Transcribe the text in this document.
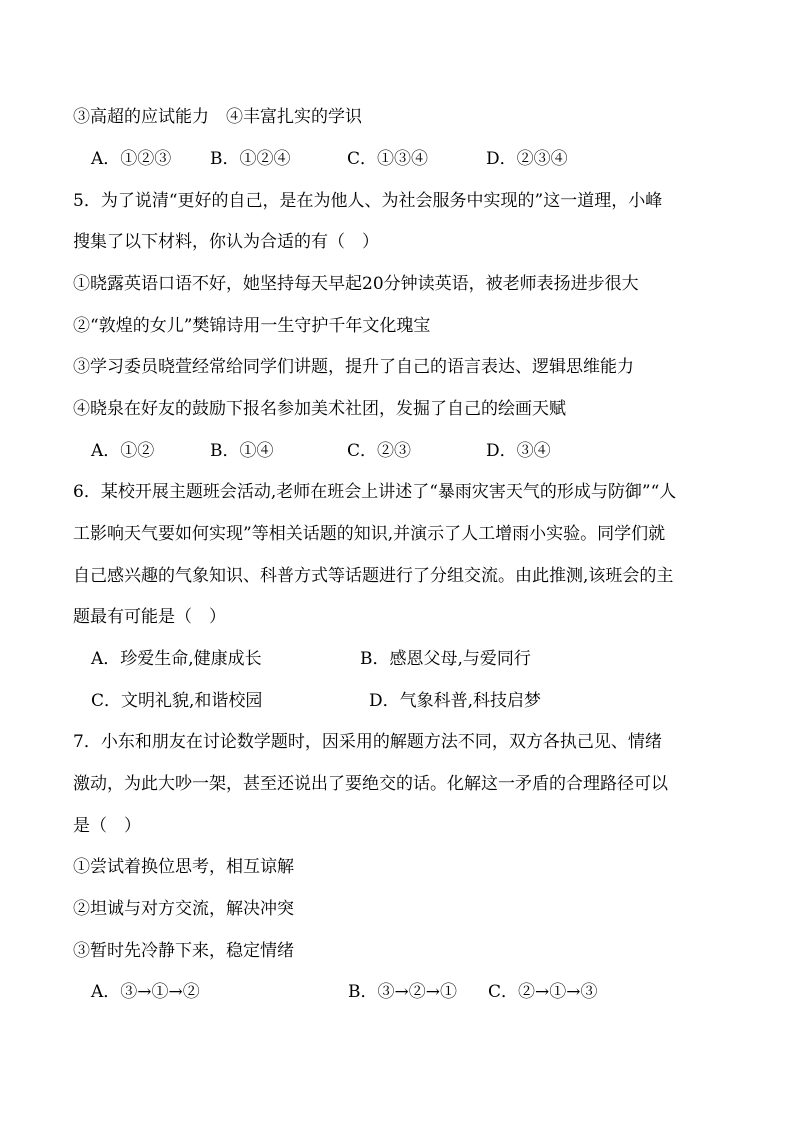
③高超的应试能力　④丰富扎实的学识
A．①②③ B．①②④	C．①③④	D．②③④
5．为了说清“更好的自己，是在为他人、为社会服务中实现的”这一道理，小峰
搜集了以下材料，你认为合适的有（　）
①晓露英语口语不好，她坚持每天早起20分钟读英语，被老师表扬进步很大
②“敦煌的女儿”樊锦诗用一生守护千年文化瑰宝
③学习委员晓萱经常给同学们讲题，提升了自己的语言表达、逻辑思维能力
④晓泉在好友的鼓励下报名参加美术社团，发掘了自己的绘画天赋
A．①②	B．①④	C．②③	D．③④
6．某校开展主题班会活动,老师在班会上讲述了“暴雨灾害天气的形成与防御”“人
工影响天气要如何实现”等相关话题的知识,并演示了人工增雨小实验。同学们就
自己感兴趣的气象知识、科普方式等话题进行了分组交流。由此推测,该班会的主
题最有可能是（　）
A．珍爱生命,健康成长	B．感恩父母,与爱同行
C．文明礼貌,和谐校园	D．气象科普,科技启梦
7．小东和朋友在讨论数学题时，因采用的解题方法不同，双方各执己见、情绪
激动，为此大吵一架，甚至还说出了要绝交的话。化解这一矛盾的合理路径可以
是（　）
①尝试着换位思考，相互谅解
②坦诚与对方交流，解决冲突
③暂时先冷静下来，稳定情绪
A．③→①→②	B．③→②→① C．②→①→③
